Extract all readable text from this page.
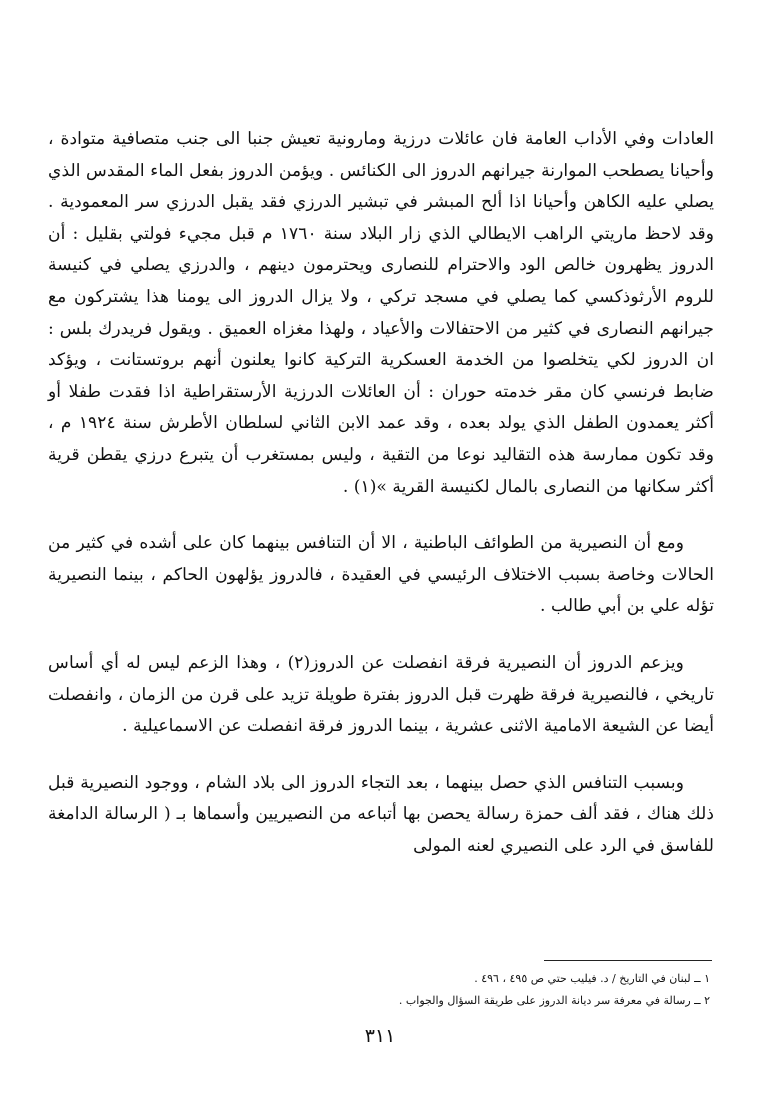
العادات وفي الأداب العامة فان عائلات درزية ومارونية تعيش جنبا الى جنب متصافية متوادة ، وأحيانا يصطحب الموارنة جيرانهم الدروز الى الكنائس . ويؤمن الدروز بفعل الماء المقدس الذي يصلي عليه الكاهن وأحيانا اذا ألح المبشر في تبشير الدرزي فقد يقبل الدرزي سر المعمودية . وقد لاحظ ماريتي الراهب الايطالي الذي زار البلاد سنة ١٧٦٠ م قبل مجيء فولتي بقليل : أن الدروز يظهرون خالص الود والاحترام للنصارى ويحترمون دينهم ، والدرزي يصلي في كنيسة للروم الأرثوذكسي كما يصلي في مسجد تركي ، ولا يزال الدروز الى يومنا هذا يشتركون مع جيرانهم النصارى في كثير من الاحتفالات والأعياد ، ولهذا مغزاه العميق . ويقول فريدرك بلس : ان الدروز لكي يتخلصوا من الخدمة العسكرية التركية كانوا يعلنون أنهم بروتستانت ، ويؤكد ضابط فرنسي كان مقر خدمته حوران : أن العائلات الدرزية الأرستقراطية اذا فقدت طفلا أو أكثر يعمدون الطفل الذي يولد بعده ، وقد عمد الابن الثاني لسلطان الأطرش سنة ١٩٢٤ م ، وقد تكون ممارسة هذه التقاليد نوعا من التقية ، وليس بمستغرب أن يتبرع درزي يقطن قرية أكثر سكانها من النصارى بالمال لكنيسة القرية »(١) .

ومع أن النصيرية من الطوائف الباطنية ، الا أن التنافس بينهما كان على أشده في كثير من الحالات وخاصة بسبب الاختلاف الرئيسي في العقيدة ، فالدروز يؤلهون الحاكم ، بينما النصيرية تؤله علي بن أبي طالب .

ويزعم الدروز أن النصيرية فرقة انفصلت عن الدروز(٢) ، وهذا الزعم ليس له أي أساس تاريخي ، فالنصيرية فرقة ظهرت قبل الدروز بفترة طويلة تزيد على قرن من الزمان ، وانفصلت أيضا عن الشيعة الامامية الاثنى عشرية ، بينما الدروز فرقة انفصلت عن الاسماعيلية .

وبسبب التنافس الذي حصل بينهما ، بعد التجاء الدروز الى بلاد الشام ، ووجود النصيرية قبل ذلك هناك ، فقد ألف حمزة رسالة يحصن بها أتباعه من النصيريين وأسماها بـ ( الرسالة الدامغة للفاسق في الرد على النصيري لعنه المولى

١ ــ لبنان في التاريخ / د. فيليب حتي ص ٤٩٥ ، ٤٩٦ .
٢ ــ رسالة في معرفة سر ديانة الدروز على طريقة السؤال والجواب .
٣١١
